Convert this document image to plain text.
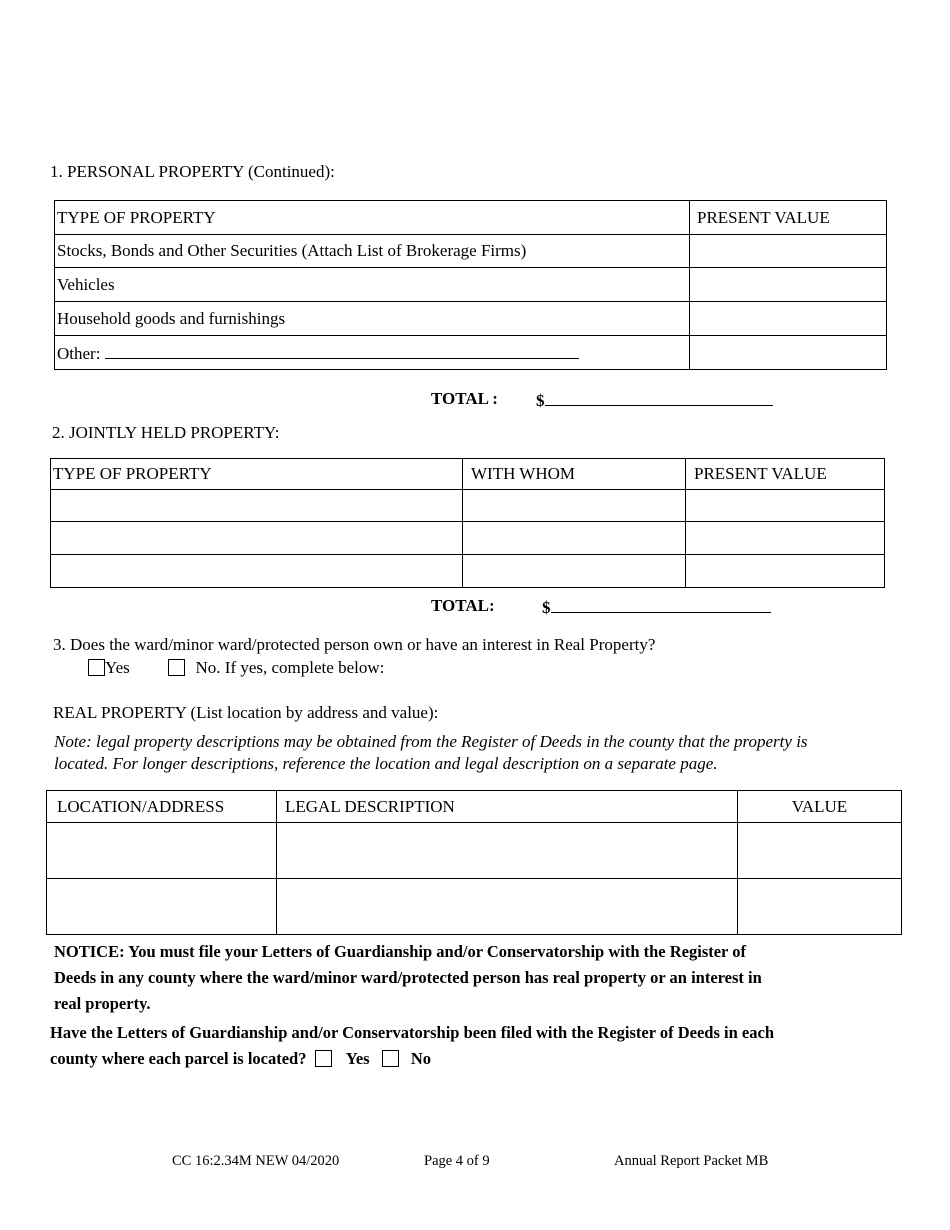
1. PERSONAL PROPERTY (Continued):
TYPE OF PROPERTY	PRESENT VALUE
Stocks, Bonds and Other Securities (Attach List of Brokerage Firms)	
Vehicles	
Household goods and furnishings	
Other:	
TOTAL : $
2. JOINTLY HELD PROPERTY:
TYPE OF PROPERTY	WITH WHOM	PRESENT VALUE

TOTAL:	$
3. Does the ward/minor ward/protected person own or have an interest in Real Property?
Yes	No. If yes, complete below:
REAL PROPERTY (List location by address and value):
Note: legal property descriptions may be obtained from the Register of Deeds in the county that the property is
located. For longer descriptions, reference the location and legal description on a separate page.
LOCATION/ADDRESS	LEGAL DESCRIPTION	VALUE

NOTICE: You must file your Letters of Guardianship and/or Conservatorship with the Register of
Deeds in any county where the ward/minor ward/protected person has real property or an interest in
real property.
Have the Letters of Guardianship and/or Conservatorship been filed with the Register of Deeds in each
county where each parcel is located? Yes	No
CC 16:2.34M NEW 04/2020	Page 4 of 9	Annual Report Packet MB
